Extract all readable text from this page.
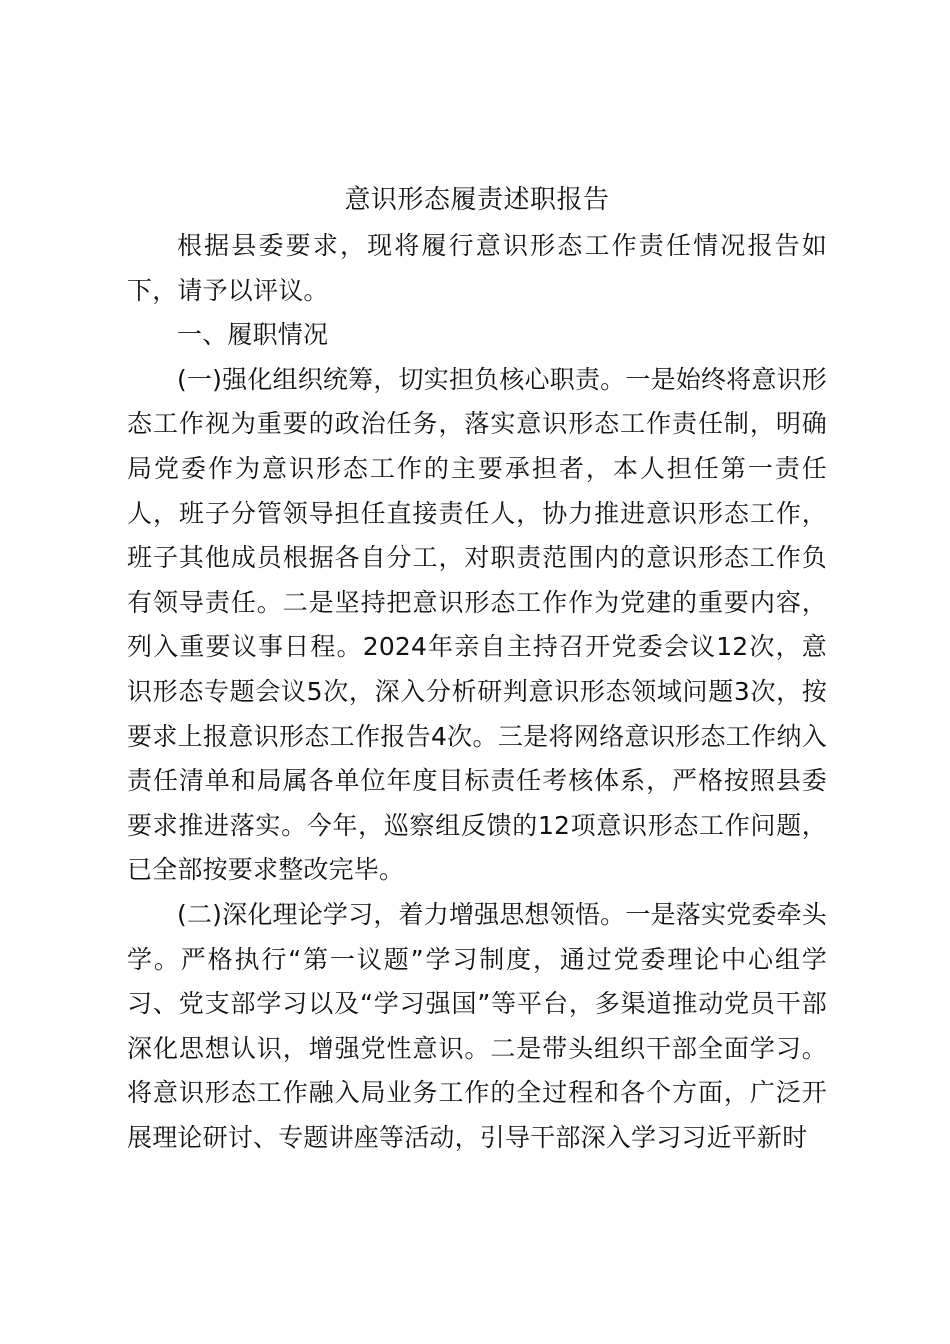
意识形态履责述职报告

根据县委要求，现将履行意识形态工作责任情况报告如下，请予以评议。

一、履职情况

(一)强化组织统筹，切实担负核心职责。一是始终将意识形态工作视为重要的政治任务，落实意识形态工作责任制，明确局党委作为意识形态工作的主要承担者，本人担任第一责任人，班子分管领导担任直接责任人，协力推进意识形态工作，班子其他成员根据各自分工，对职责范围内的意识形态工作负有领导责任。二是坚持把意识形态工作作为党建的重要内容，列入重要议事日程。2024年亲自主持召开党委会议12次，意识形态专题会议5次，深入分析研判意识形态领域问题3次，按要求上报意识形态工作报告4次。三是将网络意识形态工作纳入责任清单和局属各单位年度目标责任考核体系，严格按照县委要求推进落实。今年，巡察组反馈的12项意识形态工作问题，已全部按要求整改完毕。

(二)深化理论学习，着力增强思想领悟。一是落实党委牵头学。严格执行“第一议题”学习制度，通过党委理论中心组学习、党支部学习以及“学习强国”等平台，多渠道推动党员干部深化思想认识，增强党性意识。二是带头组织干部全面学习。将意识形态工作融入局业务工作的全过程和各个方面，广泛开展理论研讨、专题讲座等活动，引导干部深入学习习近平新时
